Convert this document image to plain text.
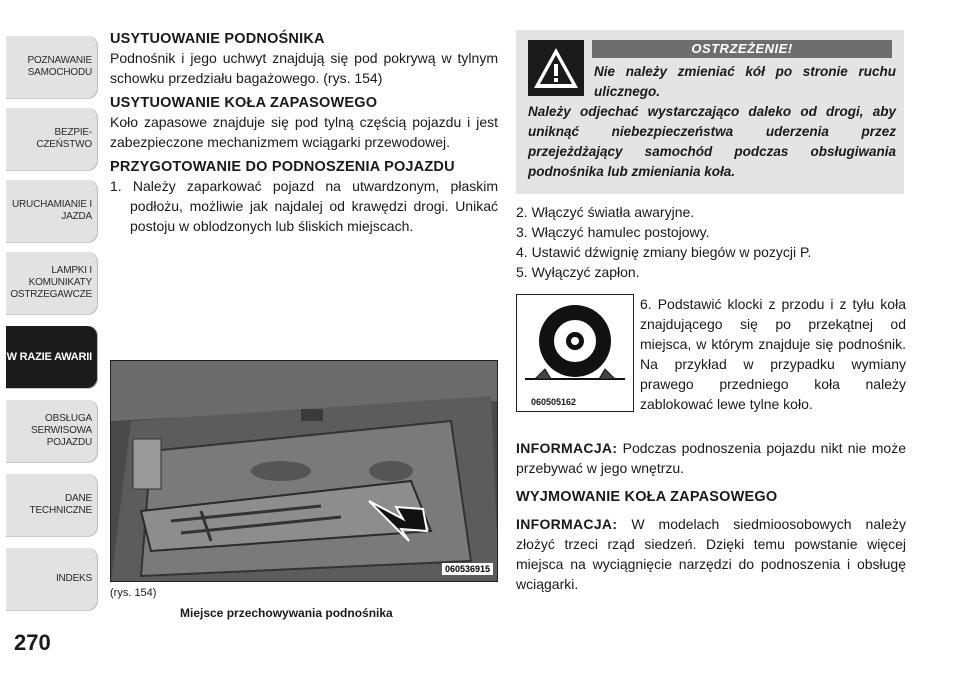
POZNAWANIE SAMOCHODU
BEZPIE-CZEŃSTWO
URUCHAMIANIE I JAZDA
LAMPKI I KOMUNIKATY OSTRZEGAWCZE
W RAZIE AWARII
OBSŁUGA SERWISOWA POJAZDU
DANE TECHNICZNE
INDEKS
270
USYTUOWANIE PODNOŚNIKA

Podnośnik i jego uchwyt znajdują się pod pokrywą w tylnym schowku przedziału bagażowego. (rys. 154)

USYTUOWANIE KOŁA ZAPASOWEGO

Koło zapasowe znajduje się pod tylną częścią pojazdu i jest zabezpieczone mechanizmem wciągarki przewodowej.

PRZYGOTOWANIE DO PODNOSZENIA POJAZDU
1. Należy zaparkować pojazd na utwardzonym, płaskim podłożu, możliwie jak najdalej od krawędzi drogi. Unikać postoju w oblodzonych lub śliskich miejscach.
060536915
(rys. 154)
Miejsce przechowywania podnośnika
OSTRZEŻENIE!
Nie należy zmieniać kół po stronie ruchu ulicznego.
Należy odjechać wystarczająco daleko od drogi, aby uniknąć niebezpieczeństwa uderzenia przez przejeżdżający samochód podczas obsługiwania podnośnika lub zmieniania koła.
2. Włączyć światła awaryjne.
3. Włączyć hamulec postojowy.
4. Ustawić dźwignię zmiany biegów w pozycji P.
5. Wyłączyć zapłon.
060505162
6. Podstawić klocki z przodu i z tyłu koła znajdującego się po przekątnej od miejsca, w którym znajduje się podnośnik. Na przykład w przypadku wymiany prawego przedniego koła należy zablokować lewe tylne koło.

INFORMACJA: Podczas podnoszenia pojazdu nikt nie może przebywać w jego wnętrzu.

WYJMOWANIE KOŁA ZAPASOWEGO

INFORMACJA: W modelach siedmioosobowych należy złożyć trzeci rząd siedzeń. Dzięki temu powstanie więcej miejsca na wyciągnięcie narzędzi do podnoszenia i obsługę wciągarki.
